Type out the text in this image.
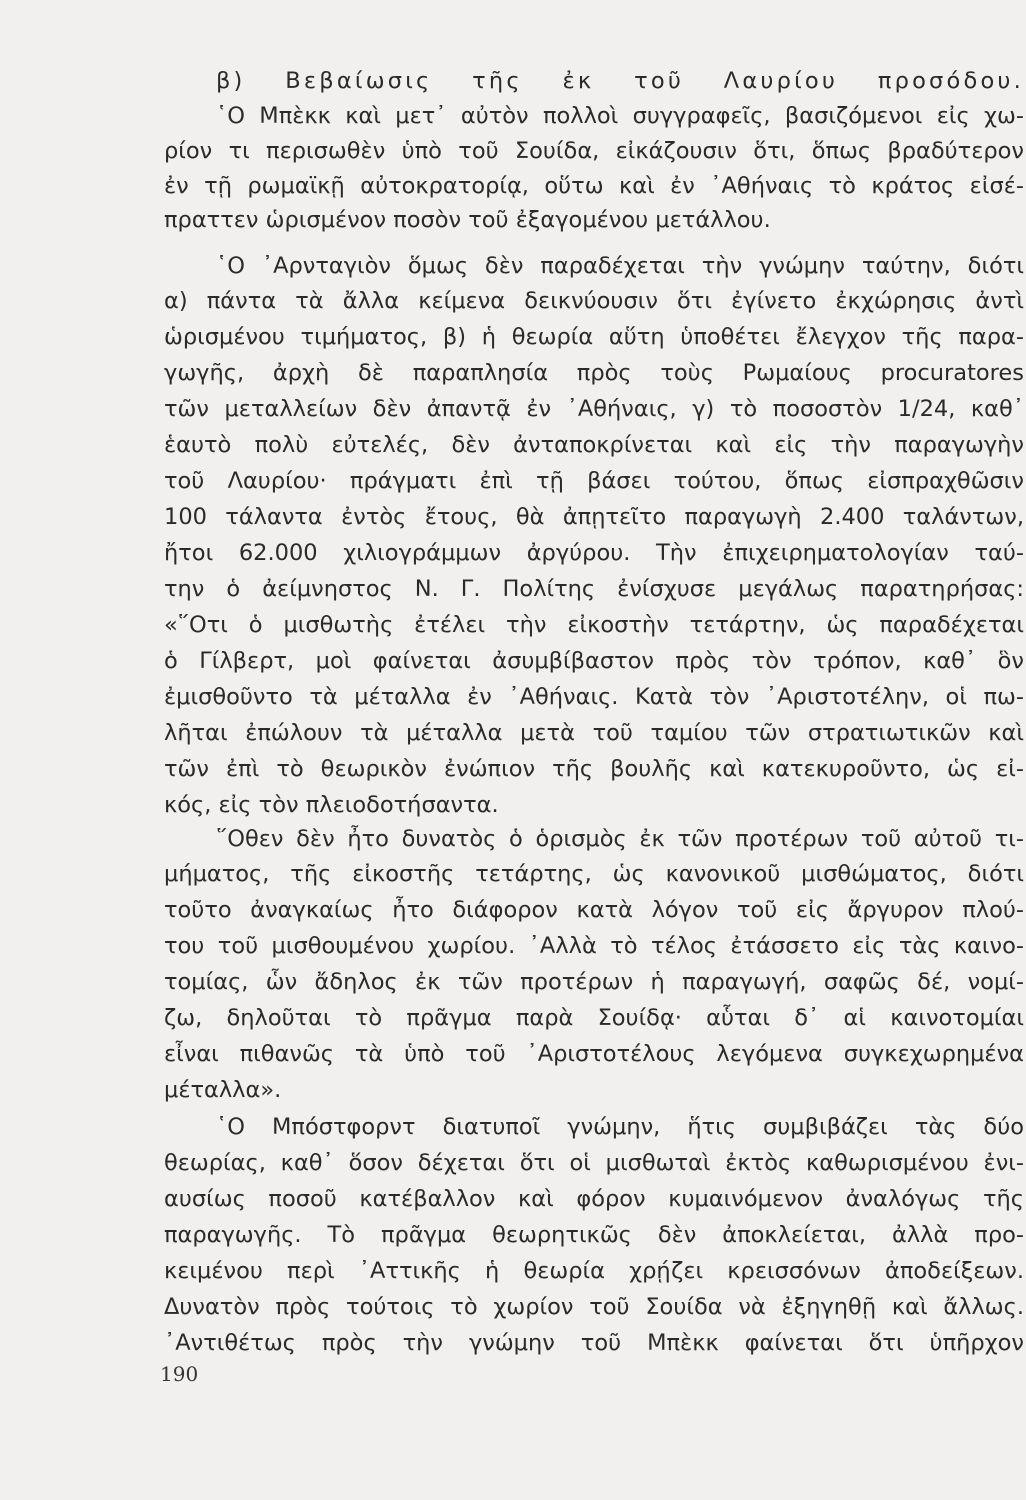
β) Βεβαίωσις τῆς ἐκ τοῦ Λαυρίου προσόδου.
῾Ο Μπὲκκ καὶ μετ᾽ αὐτὸν πολλοὶ συγγραφεῖς, βασιζόμενοι εἰς χω-
ρίον τι περισωθὲν ὑπὸ τοῦ Σουίδα, εἰκάζουσιν ὅτι, ὅπως βραδύτερον
ἐν τῇ ρωμαϊκῇ αὐτοκρατορίᾳ, οὕτω καὶ ἐν ᾿Αθήναις τὸ κράτος εἰσέ-
πραττεν ὡρισμένον ποσὸν τοῦ ἐξαγομένου μετάλλου.
῾Ο ᾿Αρνταγιὸν ὅμως δὲν παραδέχεται τὴν γνώμην ταύτην, διότι
α) πάντα τὰ ἄλλα κείμενα δεικνύουσιν ὅτι ἐγίνετο ἐκχώρησις ἀντὶ
ὡρισμένου τιμήματος, β) ἡ θεωρία αὕτη ὑποθέτει ἔλεγχον τῆς παρα-
γωγῆς, ἀρχὴ δὲ παραπλησία πρὸς τοὺς Ρωμαίους procuratores
τῶν μεταλλείων δὲν ἀπαντᾷ ἐν ᾿Αθήναις, γ) τὸ ποσοστὸν 1/24, καθ᾽
ἑαυτὸ πολὺ εὐτελές, δὲν ἀνταποκρίνεται καὶ εἰς τὴν παραγωγὴν
τοῦ Λαυρίου· πράγματι ἐπὶ τῇ βάσει τούτου, ὅπως εἰσπραχθῶσιν
100 τάλαντα ἐντὸς ἔτους, θὰ ἀπῃτεῖτο παραγωγὴ 2.400 ταλάντων,
ἤτοι 62.000 χιλιογράμμων ἀργύρου. Τὴν ἐπιχειρηματολογίαν ταύ-
την ὁ ἀείμνηστος Ν. Γ. Πολίτης ἐνίσχυσε μεγάλως παρατηρήσας:
«῞Οτι ὁ μισθωτὴς ἐτέλει τὴν εἰκοστὴν τετάρτην, ὡς παραδέχεται
ὁ Γίλβερτ, μοὶ φαίνεται ἀσυμβίβαστον πρὸς τὸν τρόπον, καθ᾽ ὃν
ἐμισθοῦντο τὰ μέταλλα ἐν ᾿Αθήναις. Κατὰ τὸν ᾿Αριστοτέλην, οἱ πω-
λῆται ἐπώλουν τὰ μέταλλα μετὰ τοῦ ταμίου τῶν στρατιωτικῶν καὶ
τῶν ἐπὶ τὸ θεωρικὸν ἐνώπιον τῆς βουλῆς καὶ κατεκυροῦντο, ὡς εἰ-
κός, εἰς τὸν πλειοδοτήσαντα.
῞Οθεν δὲν ἦτο δυνατὸς ὁ ὁρισμὸς ἐκ τῶν προτέρων τοῦ αὐτοῦ τι-
μήματος, τῆς εἰκοστῆς τετάρτης, ὡς κανονικοῦ μισθώματος, διότι
τοῦτο ἀναγκαίως ἦτο διάφορον κατὰ λόγον τοῦ εἰς ἄργυρον πλού-
του τοῦ μισθουμένου χωρίου. ᾿Αλλὰ τὸ τέλος ἐτάσσετο εἰς τὰς καινο-
τομίας, ὧν ἄδηλος ἐκ τῶν προτέρων ἡ παραγωγή, σαφῶς δέ, νομί-
ζω, δηλοῦται τὸ πρᾶγμα παρὰ Σουίδᾳ· αὗται δ᾽ αἱ καινοτομίαι
εἶναι πιθανῶς τὰ ὑπὸ τοῦ ᾿Αριστοτέλους λεγόμενα συγκεχωρημένα
μέταλλα».
῾Ο Μπόστφορντ διατυποῖ γνώμην, ἥτις συμβιβάζει τὰς δύο
θεωρίας, καθ᾽ ὅσον δέχεται ὅτι οἱ μισθωταὶ ἐκτὸς καθωρισμένου ἐνι-
αυσίως ποσοῦ κατέβαλλον καὶ φόρον κυμαινόμενον ἀναλόγως τῆς
παραγωγῆς. Τὸ πρᾶγμα θεωρητικῶς δὲν ἀποκλείεται, ἀλλὰ προ-
κειμένου περὶ ᾿Αττικῆς ἡ θεωρία χρῄζει κρεισσόνων ἀποδείξεων.
Δυνατὸν πρὸς τούτοις τὸ χωρίον τοῦ Σουίδα νὰ ἐξηγηθῇ καὶ ἄλλως.
᾿Αντιθέτως πρὸς τὴν γνώμην τοῦ Μπὲκκ φαίνεται ὅτι ὑπῆρχον
190
